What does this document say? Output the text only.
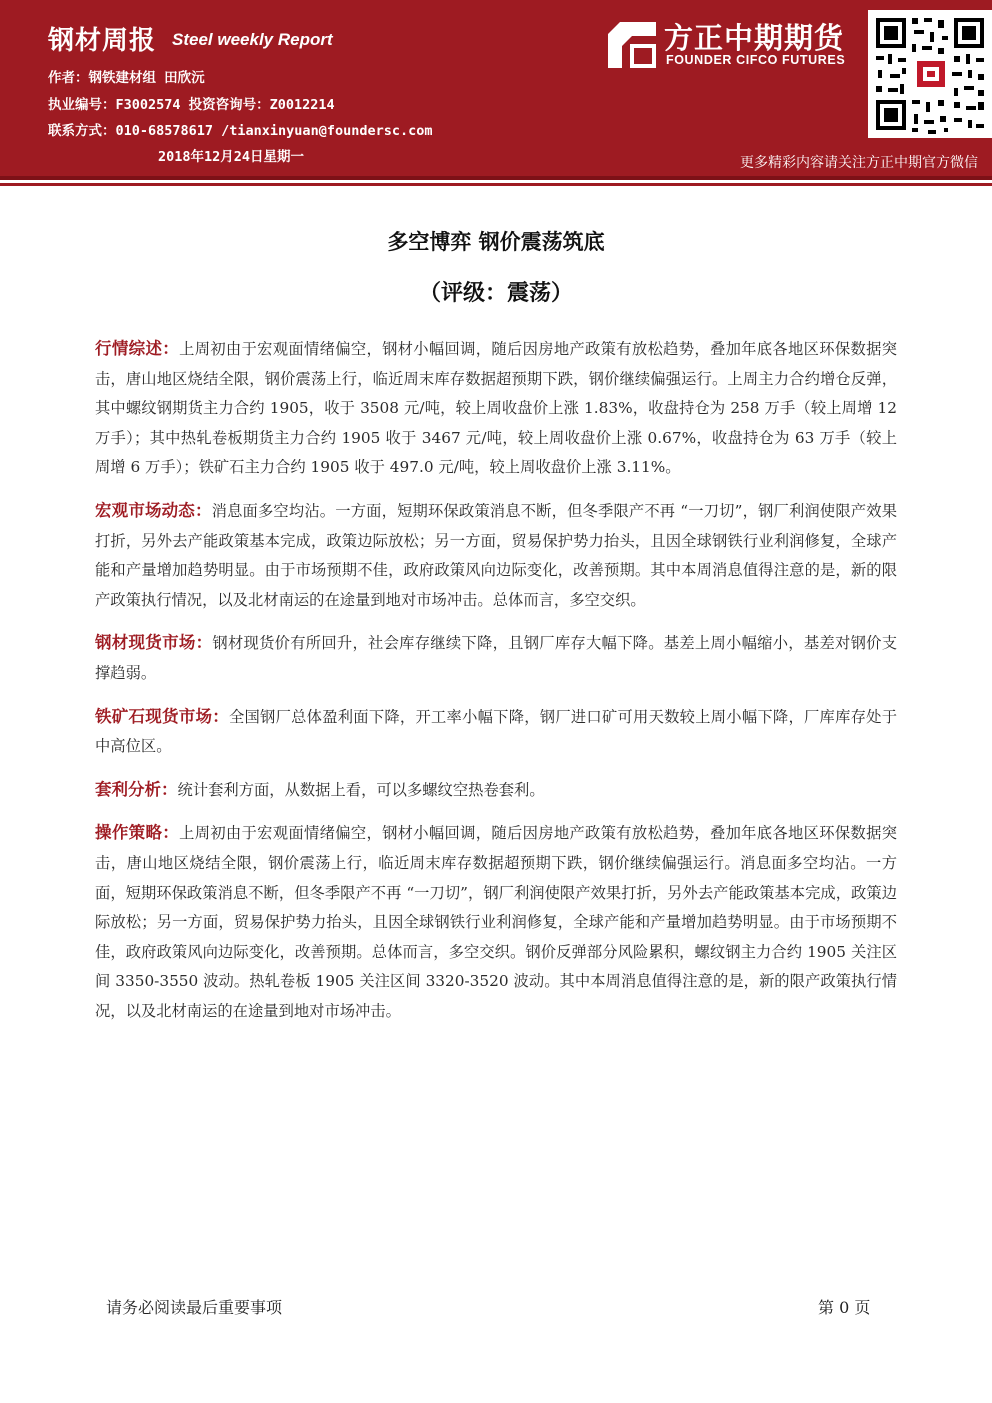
钢材周报 Steel weekly Report
作者：钢铁建材组 田欣沅
执业编号：F3002574 投资咨询号：Z0012214
联系方式：010-68578617 /tianxinyuan@foundersc.com
2018年12月24日星期一
方正中期期货
FOUNDER CIFCO FUTURES
更多精彩内容请关注方正中期官方微信
多空博弈 钢价震荡筑底
（评级：震荡）

行情综述：上周初由于宏观面情绪偏空，钢材小幅回调，随后因房地产政策有放松趋势，叠加年底各地区环保数据突击，唐山地区烧结全限，钢价震荡上行，临近周末库存数据超预期下跌，钢价继续偏强运行。上周主力合约增仓反弹，其中螺纹钢期货主力合约 1905，收于 3508 元/吨，较上周收盘价上涨 1.83%，收盘持仓为 258 万手（较上周增 12 万手）；其中热轧卷板期货主力合约 1905 收于 3467 元/吨，较上周收盘价上涨 0.67%，收盘持仓为 63 万手（较上周增 6 万手）；铁矿石主力合约 1905 收于 497.0 元/吨，较上周收盘价上涨 3.11%。

宏观市场动态：消息面多空均沾。一方面，短期环保政策消息不断，但冬季限产不再 “一刀切”，钢厂利润使限产效果打折，另外去产能政策基本完成，政策边际放松；另一方面，贸易保护势力抬头，且因全球钢铁行业利润修复，全球产能和产量增加趋势明显。由于市场预期不佳，政府政策风向边际变化，改善预期。其中本周消息值得注意的是，新的限产政策执行情况，以及北材南运的在途量到地对市场冲击。总体而言，多空交织。

钢材现货市场：钢材现货价有所回升，社会库存继续下降，且钢厂库存大幅下降。基差上周小幅缩小，基差对钢价支撑趋弱。

铁矿石现货市场：全国钢厂总体盈利面下降，开工率小幅下降，钢厂进口矿可用天数较上周小幅下降，厂库库存处于中高位区。

套利分析：统计套利方面，从数据上看，可以多螺纹空热卷套利。

操作策略：上周初由于宏观面情绪偏空，钢材小幅回调，随后因房地产政策有放松趋势，叠加年底各地区环保数据突击，唐山地区烧结全限，钢价震荡上行，临近周末库存数据超预期下跌，钢价继续偏强运行。消息面多空均沾。一方面，短期环保政策消息不断，但冬季限产不再 “一刀切”，钢厂利润使限产效果打折，另外去产能政策基本完成，政策边际放松；另一方面，贸易保护势力抬头，且因全球钢铁行业利润修复，全球产能和产量增加趋势明显。由于市场预期不佳，政府政策风向边际变化，改善预期。总体而言，多空交织。钢价反弹部分风险累积，螺纹钢主力合约 1905 关注区间 3350-3550 波动。热轧卷板 1905 关注区间 3320-3520 波动。其中本周消息值得注意的是，新的限产政策执行情况，以及北材南运的在途量到地对市场冲击。

请务必阅读最后重要事项	第 0 页
